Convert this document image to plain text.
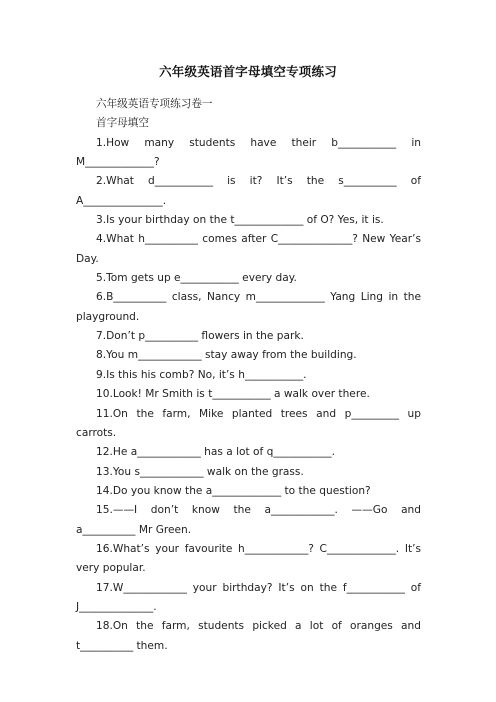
六年级英语首字母填空专项练习

六年级英语专项练习卷一

首字母填空

1.How many students have their b___________ in M_____________?

2.What d___________ is it? It’s the s__________ of A_______________.

3.Is your birthday on the t_____________ of O? Yes, it is.

4.What h__________ comes after C______________? New Year’s Day.

5.Tom gets up e___________ every day.

6.B__________ class, Nancy m_____________ Yang Ling in the playground.

7.Don’t p__________ flowers in the park.

8.You m____________ stay away from the building.

9.Is this his comb? No, it’s h___________.

10.Look! Mr Smith is t___________ a walk over there.

11.On the farm, Mike planted trees and p_________ up carrots.

12.He a____________ has a lot of q___________.

13.You s____________ walk on the grass.

14.Do you know the a_____________ to the question?

15.——I don’t know the a____________. ——Go and a__________ Mr Green.

16.What’s your favourite h____________? C_____________. It’s very popular.

17.W____________ your birthday? It’s on the f___________ of J______________.

18.On the farm, students picked a lot of oranges and t__________ them.
